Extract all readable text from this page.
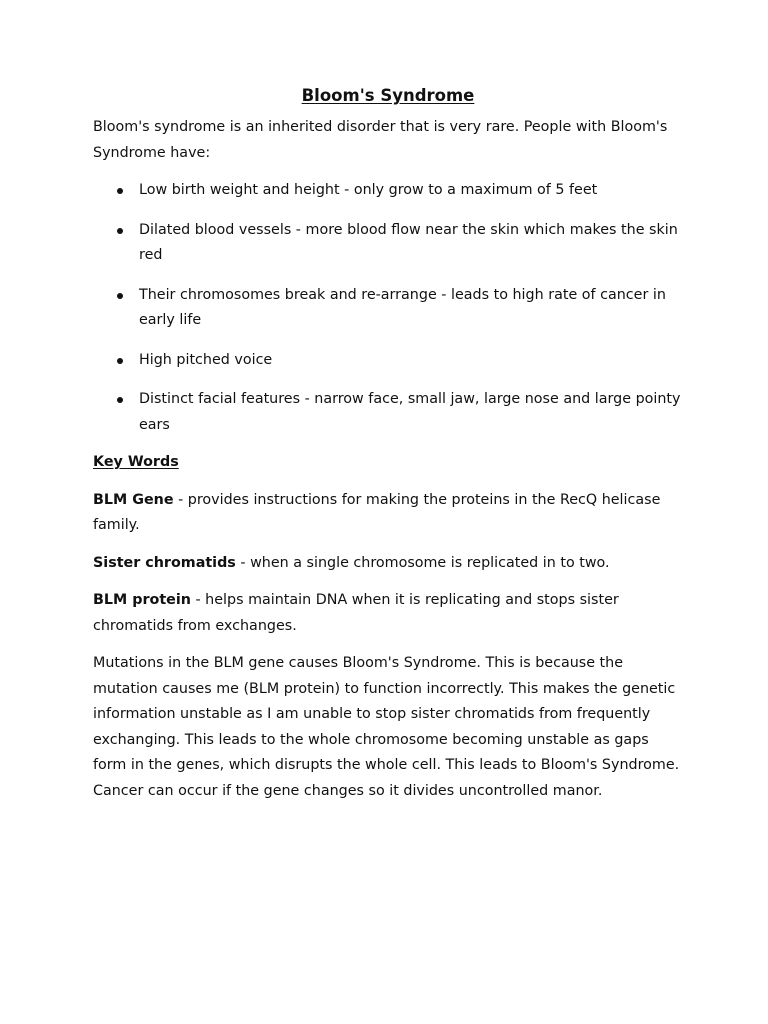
Bloom's Syndrome

Bloom's syndrome is an inherited disorder that is very rare. People with Bloom's Syndrome have:

Low birth weight and height - only grow to a maximum of 5 feet
Dilated blood vessels - more blood flow near the skin which makes the skin red
Their chromosomes break and re-arrange - leads to high rate of cancer in early life
High pitched voice
Distinct facial features - narrow face, small jaw, large nose and large pointy ears
Key Words

BLM Gene - provides instructions for making the proteins in the RecQ helicase family.

Sister chromatids - when a single chromosome is replicated in to two.

BLM protein - helps maintain DNA when it is replicating and stops sister chromatids from exchanges.

Mutations in the BLM gene causes Bloom's Syndrome. This is because the mutation causes me (BLM protein) to function incorrectly. This makes the genetic information unstable as I am unable to stop sister chromatids from frequently exchanging. This leads to the whole chromosome becoming unstable as gaps form in the genes, which disrupts the whole cell. This leads to Bloom's Syndrome. Cancer can occur if the gene changes so it divides uncontrolled manor.
